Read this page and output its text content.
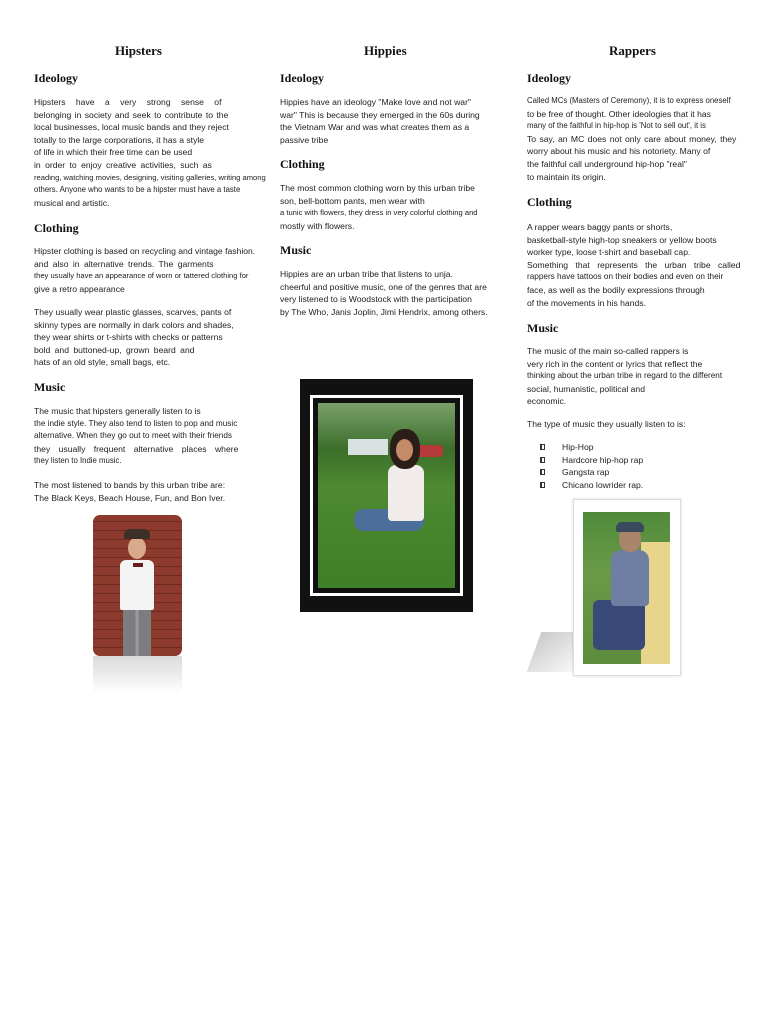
Hipsters
Ideology
Hipsters have a very strong sense of
belonging in society and seek to contribute to the
local businesses, local music bands and they reject
totally to the large corporations, it has a style
of life in which their free time can be used
in order to enjoy creative activities, such as
reading, watching movies, designing, visiting galleries, writing among
others. Anyone who wants to be a hipster must have a taste
musical and artistic.
Clothing
Hipster clothing is based on recycling and vintage fashion.
and also in alternative trends. The garments
they usually have an appearance of worn or tattered clothing for
give a retro appearance
They usually wear plastic glasses, scarves, pants of
skinny types are normally in dark colors and shades,
they wear shirts or t-shirts with checks or patterns
bold and buttoned-up, grown beard and
hats of an old style, small bags, etc.
Music
The music that hipsters generally listen to is
the indie style. They also tend to listen to pop and music
alternative. When they go out to meet with their friends
they usually frequent alternative places where
they listen to Indie music.
The most listened to bands by this urban tribe are:
The Black Keys, Beach House, Fun, and Bon Iver.
Hippies
Ideology
Hippies have an ideology "Make love and not war"
war" This is because they emerged in the 60s during
the Vietnam War and was what creates them as a
passive tribe
Clothing
The most common clothing worn by this urban tribe
son, bell-bottom pants, men wear with
a tunic with flowers, they dress in very colorful clothing and
mostly with flowers.
Music
Hippies are an urban tribe that listens to unja.
cheerful and positive music, one of the genres that are
very listened to is Woodstock with the participation
by The Who, Janis Joplin, Jimi Hendrix, among others.
Rappers
Ideology
Called MCs (Masters of Ceremony), it is to express oneself
to be free of thought. Other ideologies that it has
many of the faithful in hip-hop is 'Not to sell out', it is
To say, an MC does not only care about money, they
worry about his music and his notoriety. Many of
the faithful call underground hip-hop "real"
to maintain its origin.
Clothing
A rapper wears baggy pants or shorts,
basketball-style high-top sneakers or yellow boots
worker type, loose t-shirt and baseball cap.
Something that represents the urban tribe called
rappers have tattoos on their bodies and even on their
face, as well as the bodily expressions through
of the movements in his hands.
Music
The music of the main so-called rappers is
very rich in the content or lyrics that reflect the
thinking about the urban tribe in regard to the different
social, humanistic, political and
economic.
The type of music they usually listen to is:
Hip-Hop
Hardcore hip-hop rap
Gangsta rap
Chicano lowrider rap.
